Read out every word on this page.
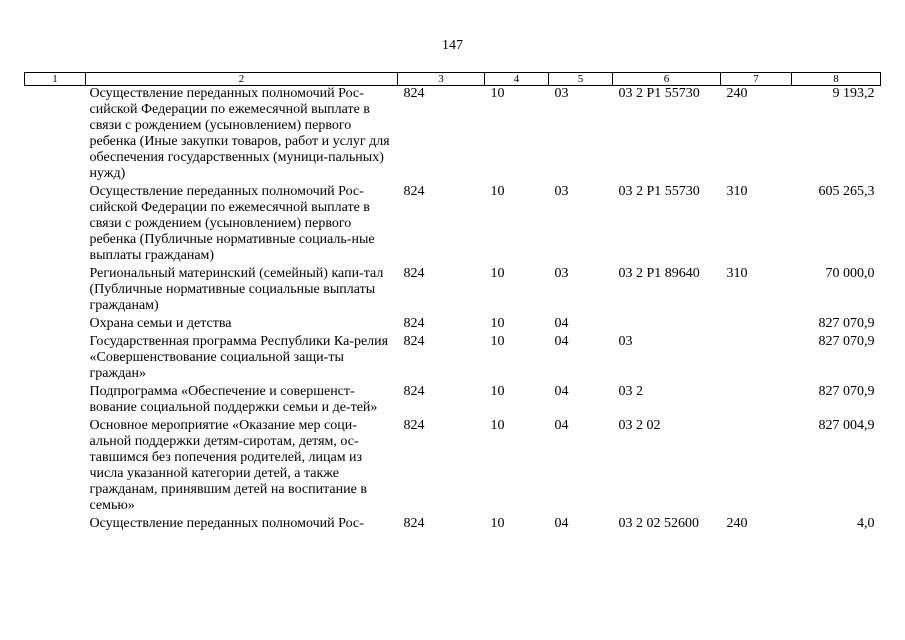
147
1	2	3	4	5	6	7	8
	Осуществление переданных полномочий Рос-сийской Федерации по ежемесячной выплате в связи с рождением (усыновлением) первого ребенка (Иные закупки товаров, работ и услуг для обеспечения государственных (муници-пальных) нужд)	824	10	03	03 2 P1 55730	240	9 193,2
	Осуществление переданных полномочий Рос-сийской Федерации по ежемесячной выплате в связи с рождением (усыновлением) первого ребенка (Публичные нормативные социаль-ные выплаты гражданам)	824	10	03	03 2 P1 55730	310	605 265,3
	Региональный материнский (семейный) капи-тал (Публичные нормативные социальные выплаты гражданам)	824	10	03	03 2 P1 89640	310	70 000,0
	Охрана семьи и детства	824	10	04			827 070,9
	Государственная программа Республики Ка-релия «Совершенствование социальной защи-ты граждан»	824	10	04	03		827 070,9
	Подпрограмма «Обеспечение и совершенст-вование социальной поддержки семьи и де-тей»	824	10	04	03 2		827 070,9
	Основное мероприятие «Оказание мер соци-альной поддержки детям-сиротам, детям, ос-тавшимся без попечения родителей, лицам из числа указанной категории детей, а также гражданам, принявшим детей на воспитание в семью»	824	10	04	03 2 02		827 004,9
	Осуществление переданных полномочий Рос-	824	10	04	03 2 02 52600	240	4,0
